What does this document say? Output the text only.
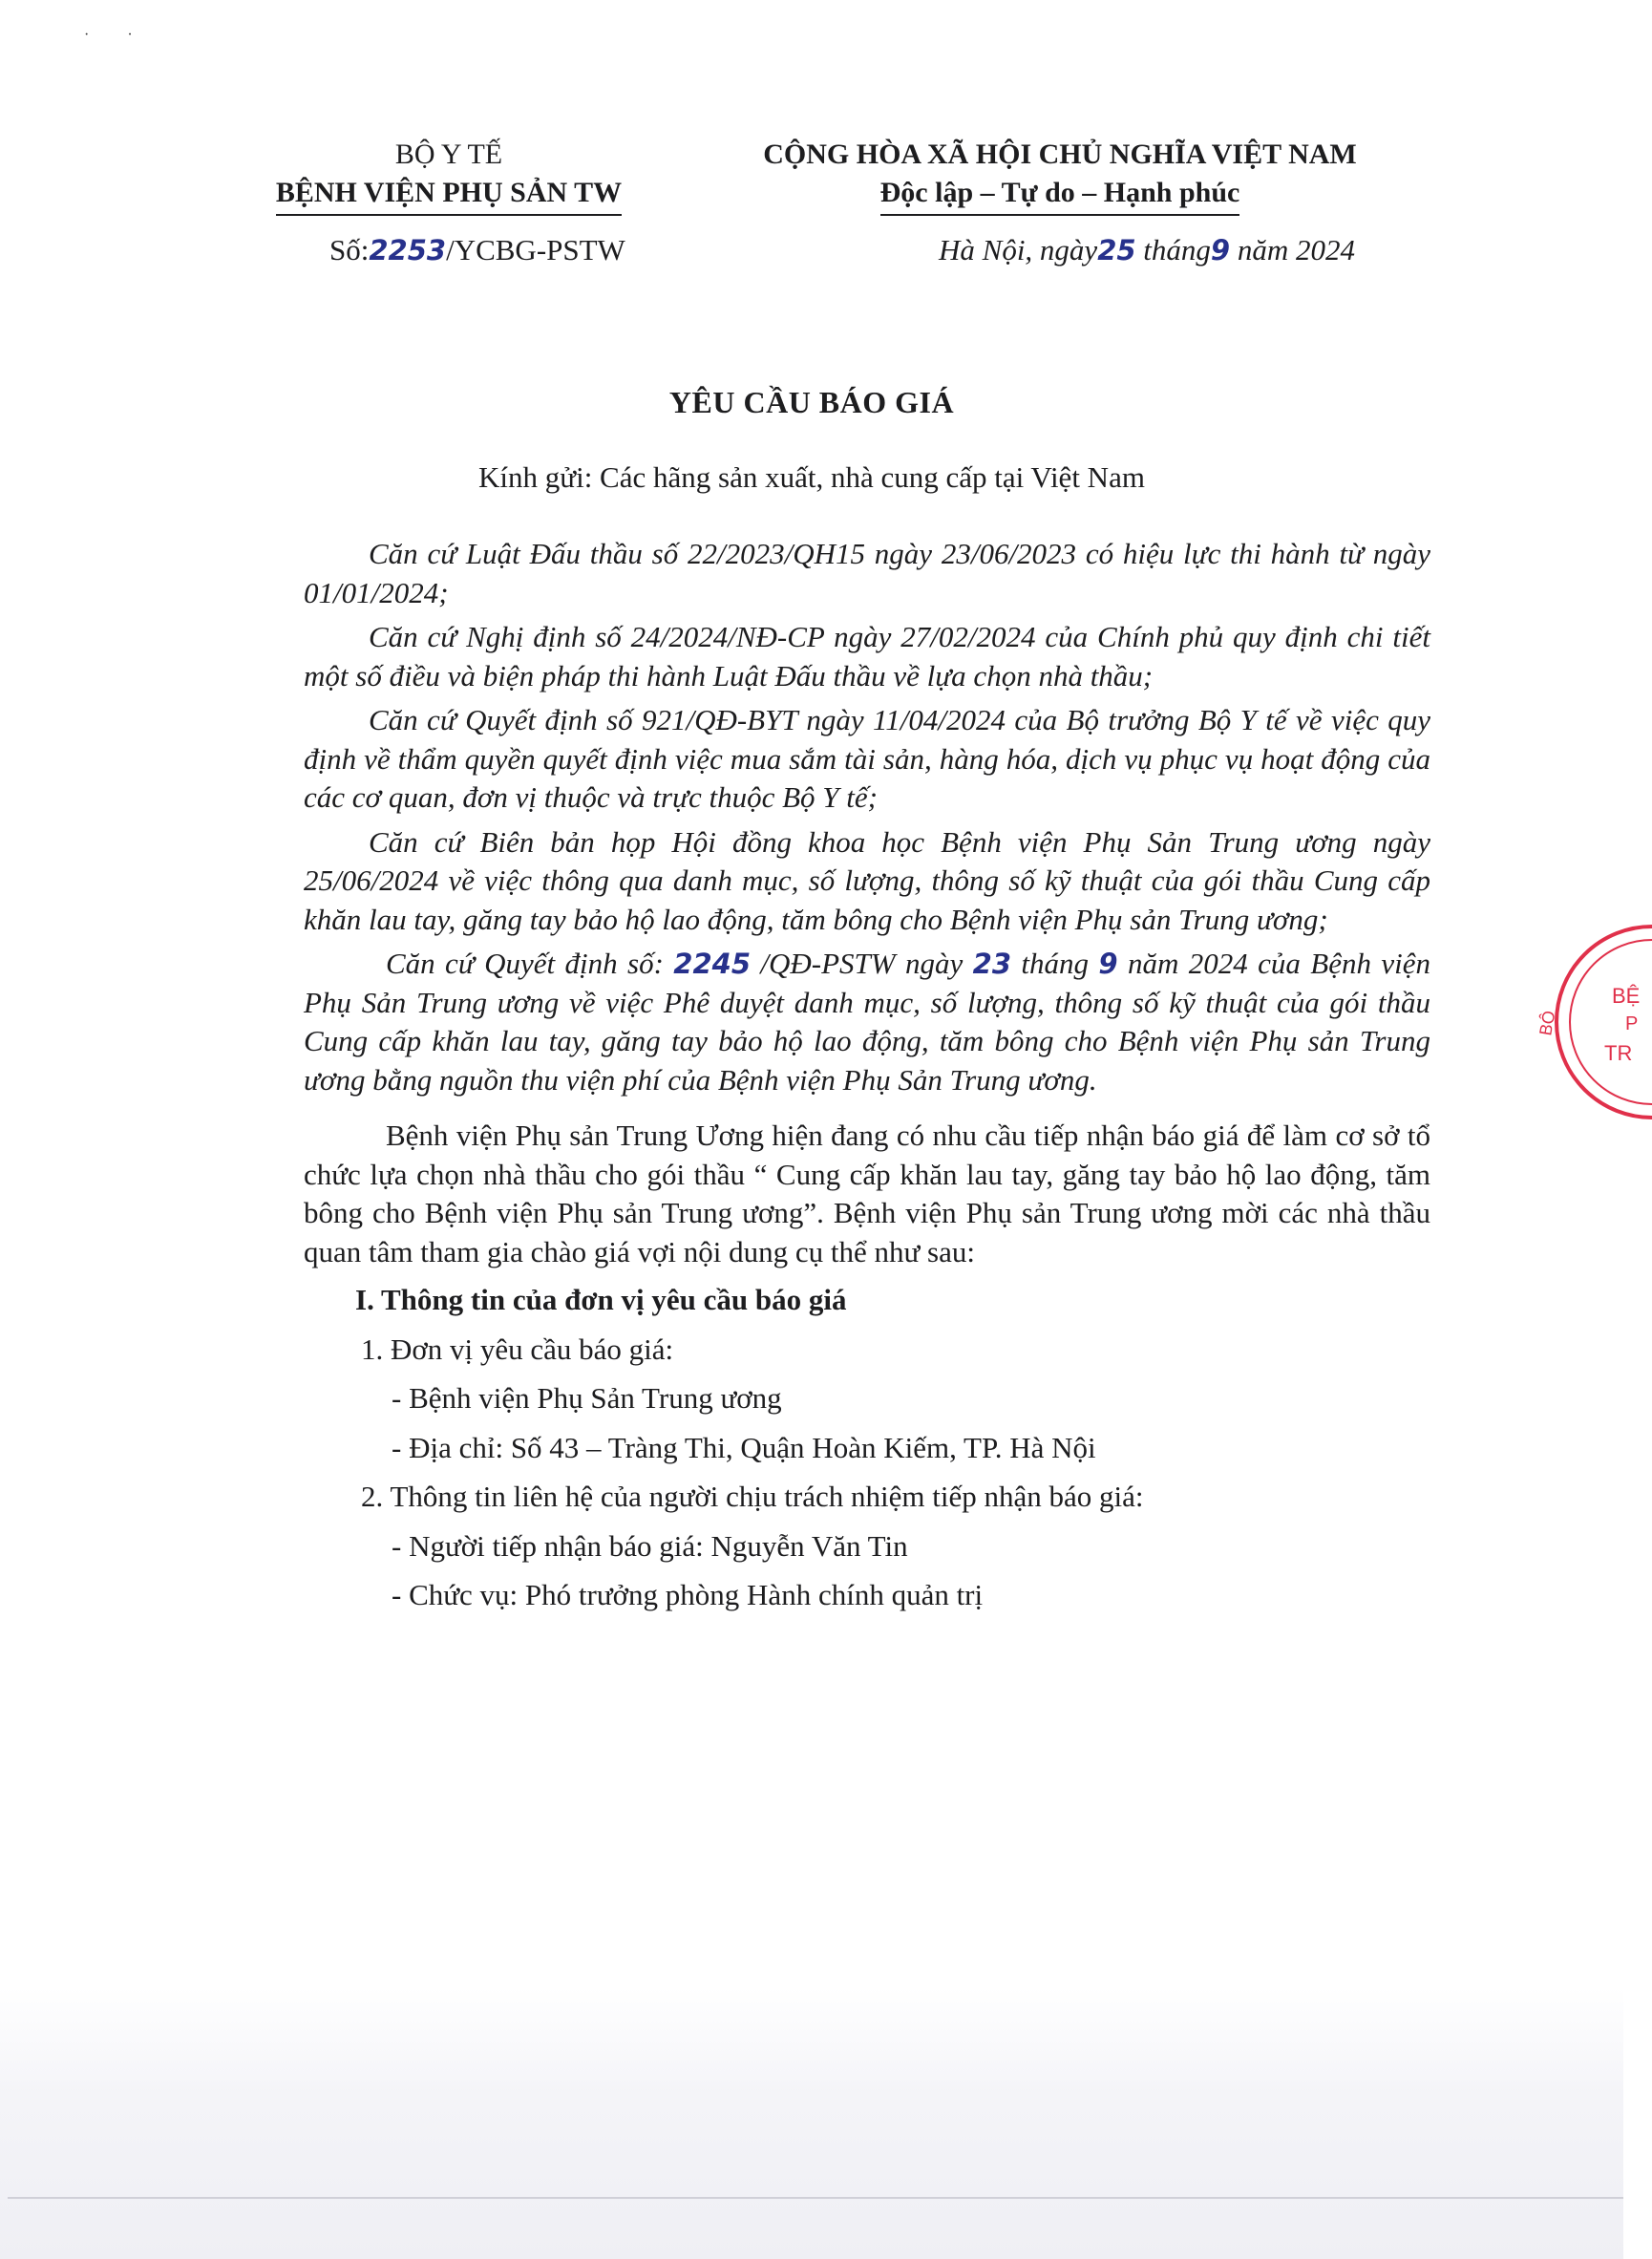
· ·
BỘ Y TẾ
BỆNH VIỆN PHỤ SẢN TW
CỘNG HÒA XÃ HỘI CHỦ NGHĨA VIỆT NAM
Độc lập – Tự do – Hạnh phúc
Số:2253/YCBG-PSTW	Hà Nội, ngày25 tháng9 năm 2024
YÊU CẦU BÁO GIÁ
Kính gửi: Các hãng sản xuất, nhà cung cấp tại Việt Nam

Căn cứ Luật Đấu thầu số 22/2023/QH15 ngày 23/06/2023 có hiệu lực thi hành từ ngày 01/01/2024;

Căn cứ Nghị định số 24/2024/NĐ-CP ngày 27/02/2024 của Chính phủ quy định chi tiết một số điều và biện pháp thi hành Luật Đấu thầu về lựa chọn nhà thầu;

Căn cứ Quyết định số 921/QĐ-BYT ngày 11/04/2024 của Bộ trưởng Bộ Y tế về việc quy định về thẩm quyền quyết định việc mua sắm tài sản, hàng hóa, dịch vụ phục vụ hoạt động của các cơ quan, đơn vị thuộc và trực thuộc Bộ Y tế;

Căn cứ Biên bản họp Hội đồng khoa học Bệnh viện Phụ Sản Trung ương ngày 25/06/2024 về việc thông qua danh mục, số lượng, thông số kỹ thuật của gói thầu Cung cấp khăn lau tay, găng tay bảo hộ lao động, tăm bông cho Bệnh viện Phụ sản Trung ương;

Căn cứ Quyết định số: 2245 /QĐ-PSTW ngày 23 tháng 9 năm 2024 của Bệnh viện Phụ Sản Trung ương về việc Phê duyệt danh mục, số lượng, thông số kỹ thuật của gói thầu Cung cấp khăn lau tay, găng tay bảo hộ lao động, tăm bông cho Bệnh viện Phụ sản Trung ương bằng nguồn thu viện phí của Bệnh viện Phụ Sản Trung ương.

Bệnh viện Phụ sản Trung Ương hiện đang có nhu cầu tiếp nhận báo giá để làm cơ sở tổ chức lựa chọn nhà thầu cho gói thầu “ Cung cấp khăn lau tay, găng tay bảo hộ lao động, tăm bông cho Bệnh viện Phụ sản Trung ương”. Bệnh viện Phụ sản Trung ương mời các nhà thầu quan tâm tham gia chào giá vợi nội dung cụ thể như sau:

I. Thông tin của đơn vị yêu cầu báo giá

1. Đơn vị yêu cầu báo giá:

- Bệnh viện Phụ Sản Trung ương

- Địa chỉ: Số 43 – Tràng Thi, Quận Hoàn Kiếm, TP. Hà Nội

2. Thông tin liên hệ của người chịu trách nhiệm tiếp nhận báo giá:

- Người tiếp nhận báo giá: Nguyễn Văn Tin

- Chức vụ: Phó trưởng phòng Hành chính quản trị

BỘ
BỆ
P
TR
